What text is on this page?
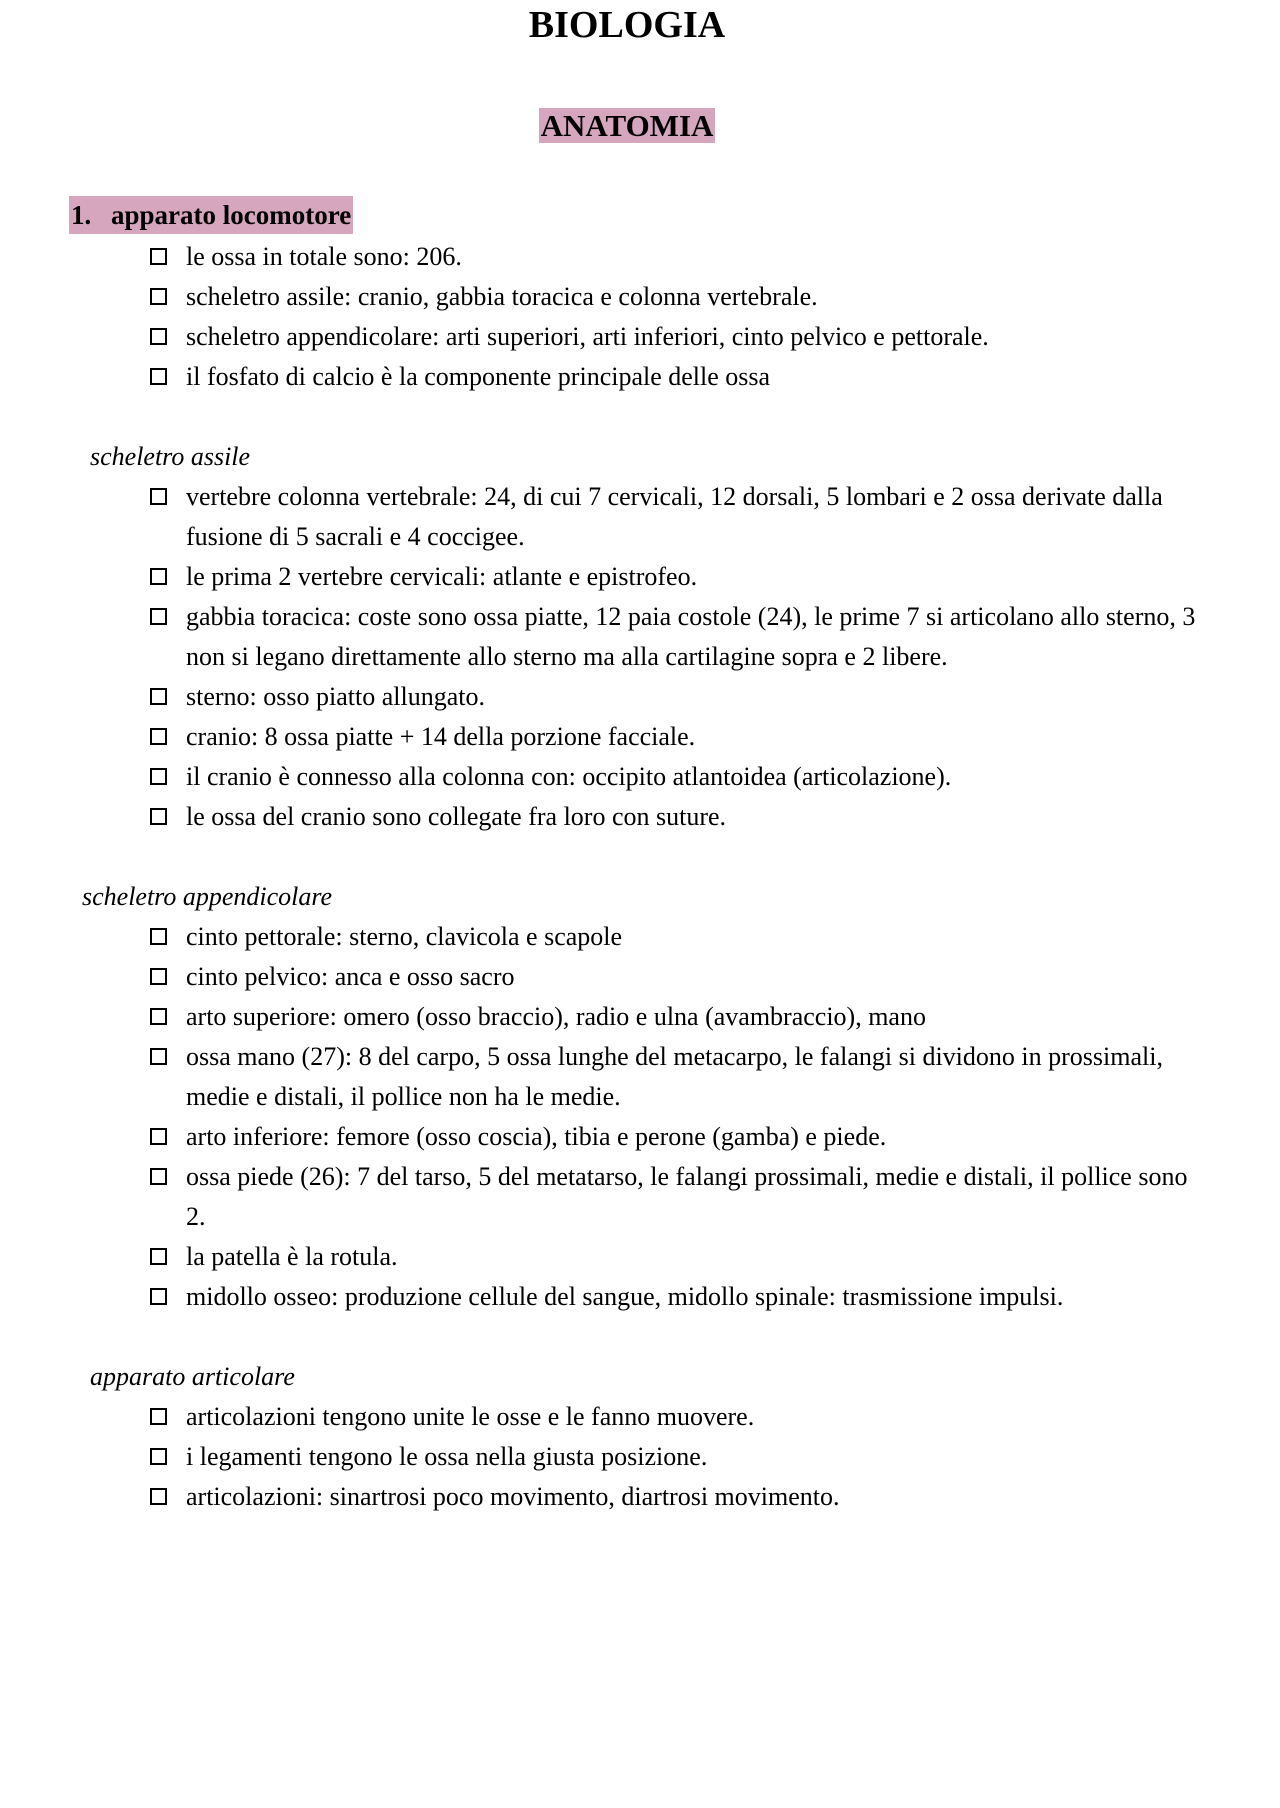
BIOLOGIA
ANATOMIA
1. apparato locomotore
le ossa in totale sono: 206.
scheletro assile: cranio, gabbia toracica e colonna vertebrale.
scheletro appendicolare: arti superiori, arti inferiori, cinto pelvico e pettorale.
il fosfato di calcio è la componente principale delle ossa

scheletro assile

vertebre colonna vertebrale: 24, di cui 7 cervicali, 12 dorsali, 5 lombari e 2 ossa derivate dalla fusione di 5 sacrali e 4 coccigee.
le prima 2 vertebre cervicali: atlante e epistrofeo.
gabbia toracica: coste sono ossa piatte, 12 paia costole (24), le prime 7 si articolano allo sterno, 3 non si legano direttamente allo sterno ma alla cartilagine sopra e 2 libere.
sterno: osso piatto allungato.
cranio: 8 ossa piatte + 14 della porzione facciale.
il cranio è connesso alla colonna con: occipito atlantoidea (articolazione).
le ossa del cranio sono collegate fra loro con suture.

scheletro appendicolare

cinto pettorale: sterno, clavicola e scapole
cinto pelvico: anca e osso sacro
arto superiore: omero (osso braccio), radio e ulna (avambraccio), mano
ossa mano (27): 8 del carpo, 5 ossa lunghe del metacarpo, le falangi si dividono in prossimali, medie e distali, il pollice non ha le medie.
arto inferiore: femore (osso coscia), tibia e perone (gamba) e piede.
ossa piede (26): 7 del tarso, 5 del metatarso, le falangi prossimali, medie e distali, il pollice sono 2.
la patella è la rotula.
midollo osseo: produzione cellule del sangue, midollo spinale: trasmissione impulsi.

apparato articolare

articolazioni tengono unite le osse e le fanno muovere.
i legamenti tengono le ossa nella giusta posizione.
articolazioni: sinartrosi poco movimento, diartrosi movimento.
